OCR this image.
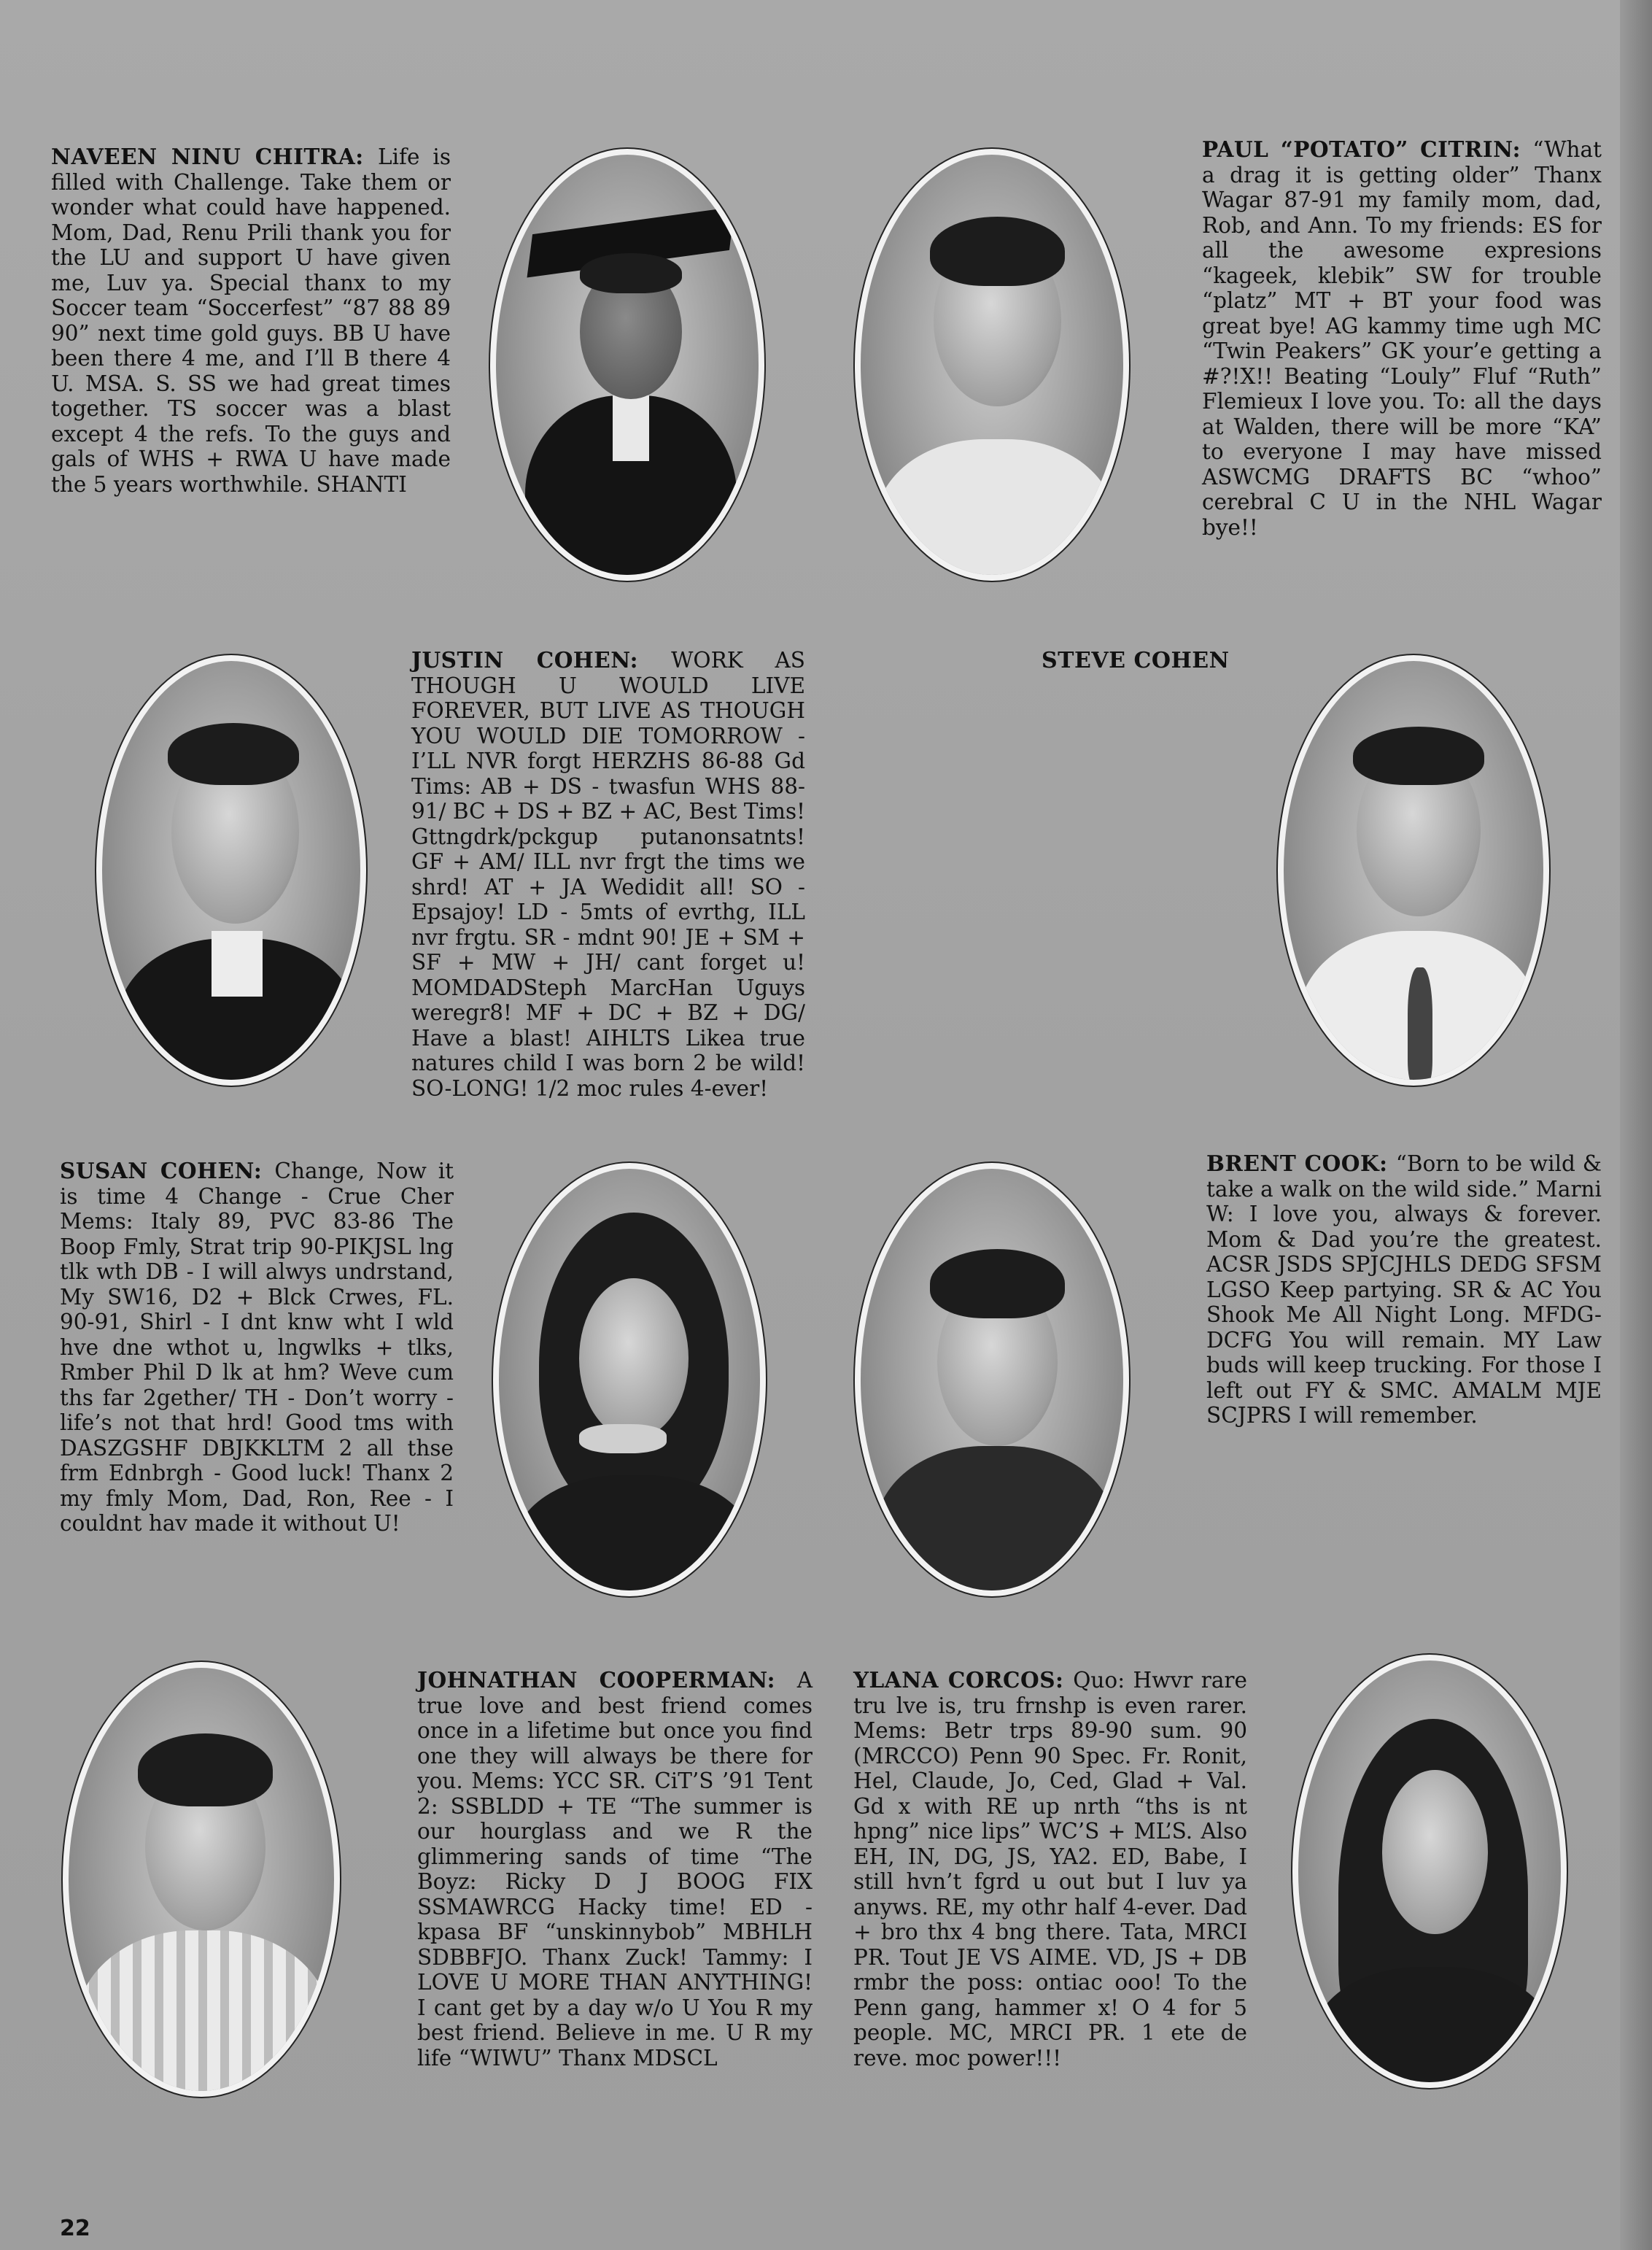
NAVEEN NINU CHITRA: Life is filled with Challenge. Take them or wonder what could have happened. Mom, Dad, Renu Prili thank you for the LU and support U have given me, Luv ya. Special thanx to my Soccer team “Soccerfest” “87 88 89 90” next time gold guys. BB U have been there 4 me, and I’ll B there 4 U. MSA. S. SS we had great times together. TS soccer was a blast except 4 the refs. To the guys and gals of WHS + RWA U have made the 5 years worthwhile. SHANTI
PAUL “POTATO” CITRIN: “What a drag it is getting older” Thanx Wagar 87-91 my family mom, dad, Rob, and Ann. To my friends: ES for all the awesome expresions “kageek, klebik” SW for trouble “platz” MT + BT your food was great bye! AG kammy time ugh MC “Twin Peakers” GK your’e getting a #?!X!! Beating “Louly” Fluf “Ruth” Flemieux I love you. To: all the days at Walden, there will be more “KA” to everyone I may have missed ASWCMG DRAFTS BC “whoo” cerebral C U in the NHL Wagar bye!!
JUSTIN COHEN: WORK AS THOUGH U WOULD LIVE FOREVER, BUT LIVE AS THOUGH YOU WOULD DIE TOMORROW -I’LL NVR forgt HERZHS 86-88 Gd Tims: AB + DS - twasfun WHS 88-91/ BC + DS + BZ + AC, Best Tims! Gttngdrk/pckgup putanonsatnts! GF + AM/ ILL nvr frgt the tims we shrd! AT + JA Wedidit all! SO - Epsajoy! LD - 5mts of evrthg, ILL nvr frgtu. SR - mdnt 90! JE + SM + SF + MW + JH/ cant forget u! MOMDADSteph MarcHan Uguys weregr8! MF + DC + BZ + DG/ Have a blast! AIHLTS Likea true natures child I was born 2 be wild! SO-LONG! 1/2 moc rules 4-ever!
STEVE COHEN
SUSAN COHEN: Change, Now it is time 4 Change - Crue Cher Mems: Italy 89, PVC 83-86 The Boop Fmly, Strat trip 90-PIKJSL lng tlk wth DB - I will alwys undrstand, My SW16, D2 + Blck Crwes, FL. 90-91, Shirl - I dnt knw wht I wld hve dne wthot u, lngwlks + tlks, Rmber Phil D lk at hm? Weve cum ths far 2gether/ TH - Don’t worry - life’s not that hrd! Good tms with DASZGSHF DBJKKLTM 2 all thse frm Ednbrgh - Good luck! Thanx 2 my fmly Mom, Dad, Ron, Ree - I couldnt hav made it without U!
BRENT COOK: “Born to be wild & take a walk on the wild side.” Marni W: I love you, always & forever. Mom & Dad you’re the greatest. ACSR JSDS SPJCJHLS DEDG SFSM LGSO Keep partying. SR & AC You Shook Me All Night Long. MFDG-DCFG You will remain. MY Law buds will keep trucking. For those I left out FY & SMC. AMALM MJE SCJPRS I will remember.
JOHNATHAN COOPERMAN: A true love and best friend comes once in a lifetime but once you find one they will always be there for you. Mems: YCC SR. CiT’S ’91 Tent 2: SSBLDD + TE “The summer is our hourglass and we R the glimmering sands of time “The Boyz: Ricky D J BOOG FIX SSMAWRCG Hacky time! ED - kpasa BF “unskinnybob” MBHLH SDBBFJO. Thanx Zuck! Tammy: I LOVE U MORE THAN ANYTHING! I cant get by a day w/o U You R my best friend. Believe in me. U R my life “WIWU” Thanx MDSCL
YLANA CORCOS: Quo: Hwvr rare tru lve is, tru frnshp is even rarer. Mems: Betr trps 89-90 sum. 90 (MRCCO) Penn 90 Spec. Fr. Ronit, Hel, Claude, Jo, Ced, Glad + Val. Gd x with RE up nrth “ths is nt hpng” nice lips” WC’S + ML’S. Also EH, IN, DG, JS, YA2. ED, Babe, I still hvn’t fgrd u out but I luv ya anyws. RE, my othr half 4-ever. Dad + bro thx 4 bng there. Tata, MRCI PR. Tout JE VS AIME. VD, JS + DB rmbr the poss: ontiac ooo! To the Penn gang, hammer x! O 4 for 5 people. MC, MRCI PR. 1 ete de reve. moc power!!!
22
